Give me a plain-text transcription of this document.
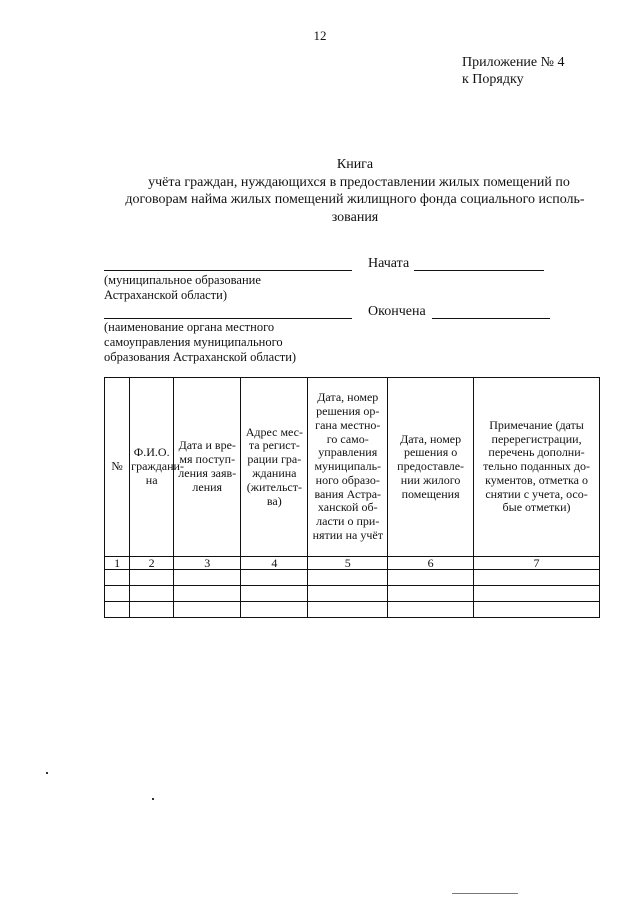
12
Приложение № 4
к Порядку
Книга
учёта граждан, нуждающихся в предоставлении жилых помещений по
договорам найма жилых помещений жилищного фонда социального исполь-
зования
Начата
(муниципальное образование
Астраханской области)
Окончена
(наименование органа местного
самоуправления муниципального
образования Астраханской области)
№	Ф.И.О. граждани- на	Дата и вре- мя поступ- ления заяв- ления	Адрес мес- та регист- рации гра- жданина (жительст- ва)	Дата, номер решения ор- гана местно- го само- управления муниципаль- ного образо- вания Астра- ханской об- ласти о при- нятии на учёт	Дата, номер решения о предоставле- нии жилого помещения	Примечание (даты перерегистрации, перечень дополни- тельно поданных до- кументов, отметка о снятии с учета, осо- бые отметки)
1	2	3	4	5	6	7
